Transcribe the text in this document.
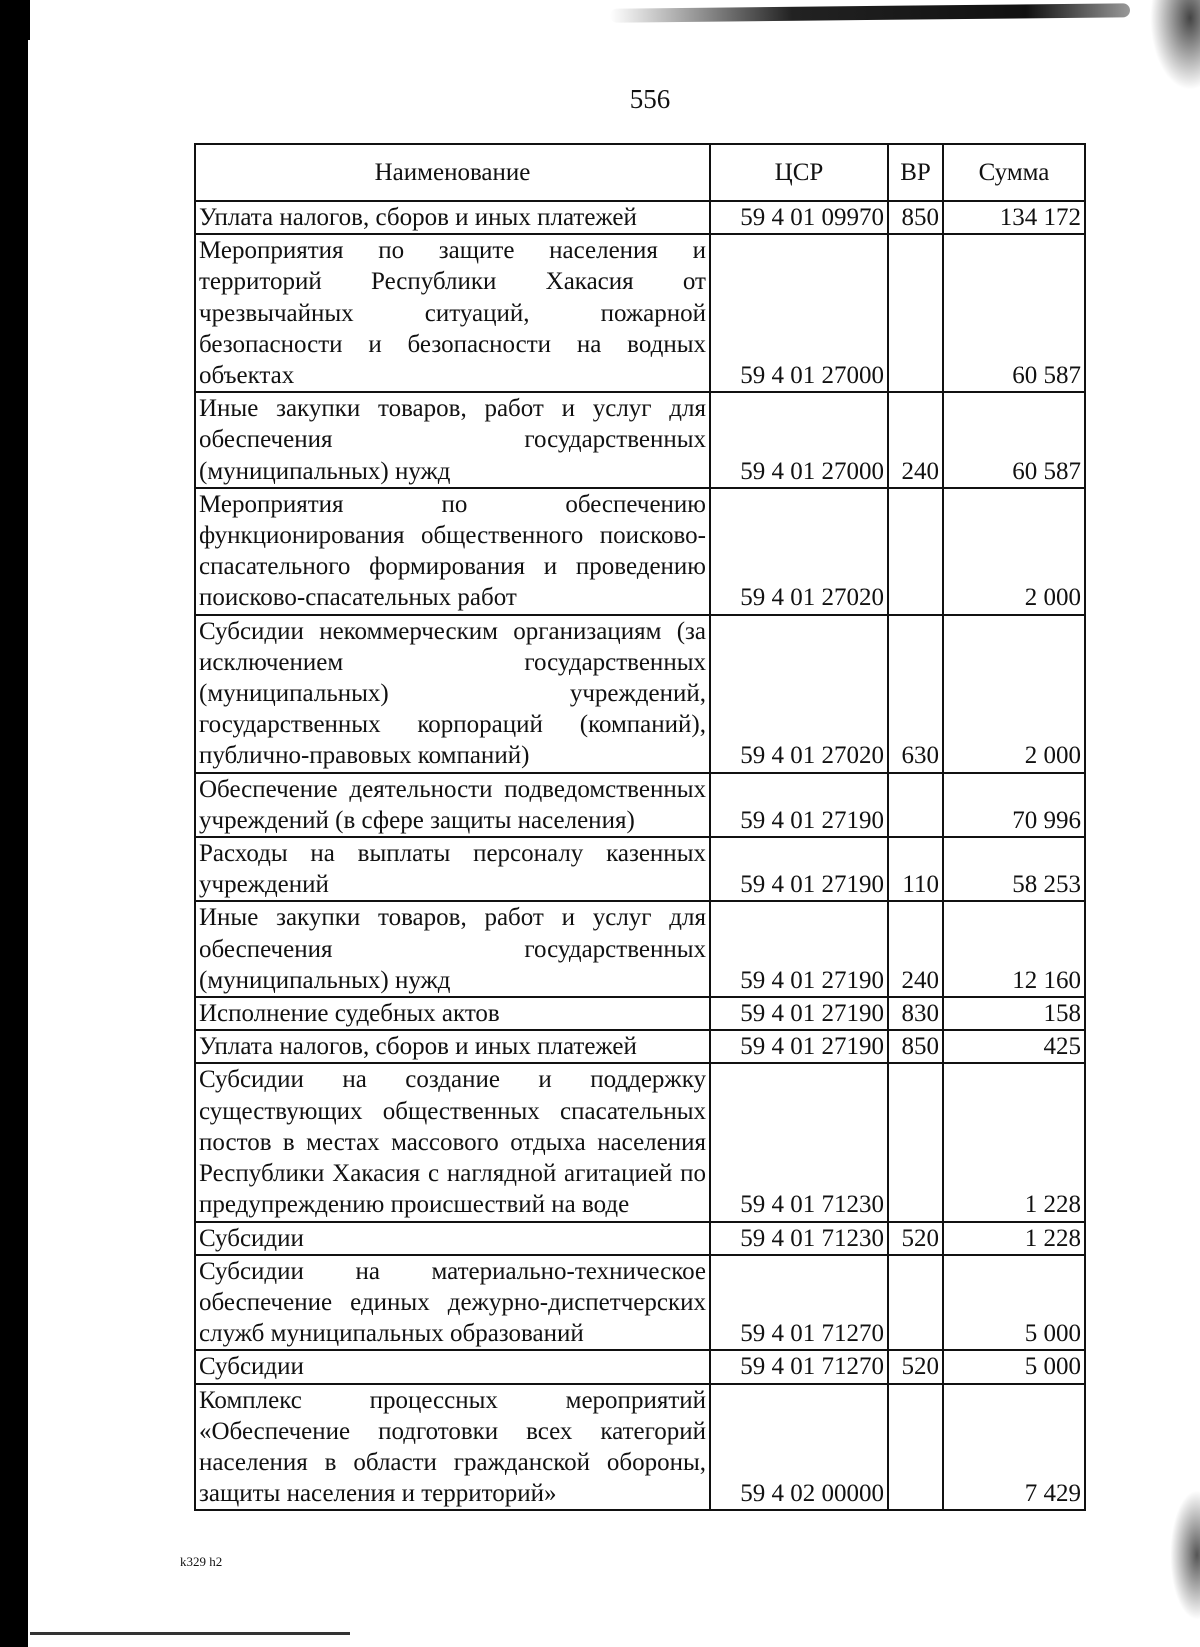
556
Наименование	ЦСР	ВР	Сумма
Уплата налогов, сборов и иных платежей	59 4 01 09970	850	134 172
Мероприятия по защите населения и территорий Республики Хакасия от чрезвычайных ситуаций, пожарной безопасности и безопасности на водных объектах	59 4 01 27000		60 587
Иные закупки товаров, работ и услуг для обеспечения государственных (муниципальных) нужд	59 4 01 27000	240	60 587
Мероприятия по обеспечению функционирования общественного поисково-спасательного формирования и проведению поисково-спасательных работ	59 4 01 27020		2 000
Субсидии некоммерческим организациям (за исключением государственных (муниципальных) учреждений, государственных корпораций (компаний), публично-правовых компаний)	59 4 01 27020	630	2 000
Обеспечение деятельности подведомственных учреждений (в сфере защиты населения)	59 4 01 27190		70 996
Расходы на выплаты персоналу казенных учреждений	59 4 01 27190	110	58 253
Иные закупки товаров, работ и услуг для обеспечения государственных (муниципальных) нужд	59 4 01 27190	240	12 160
Исполнение судебных актов	59 4 01 27190	830	158
Уплата налогов, сборов и иных платежей	59 4 01 27190	850	425
Субсидии на создание и поддержку существующих общественных спасательных постов в местах массового отдыха населения Республики Хакасия с наглядной агитацией по предупреждению происшествий на воде	59 4 01 71230		1 228
Субсидии	59 4 01 71230	520	1 228
Субсидии на материально-техническое обеспечение единых дежурно-диспетчерских служб муниципальных образований	59 4 01 71270		5 000
Субсидии	59 4 01 71270	520	5 000
Комплекс процессных мероприятий «Обеспечение подготовки всех категорий населения в области гражданской обороны, защиты населения и территорий»	59 4 02 00000		7 429
k329 h2
